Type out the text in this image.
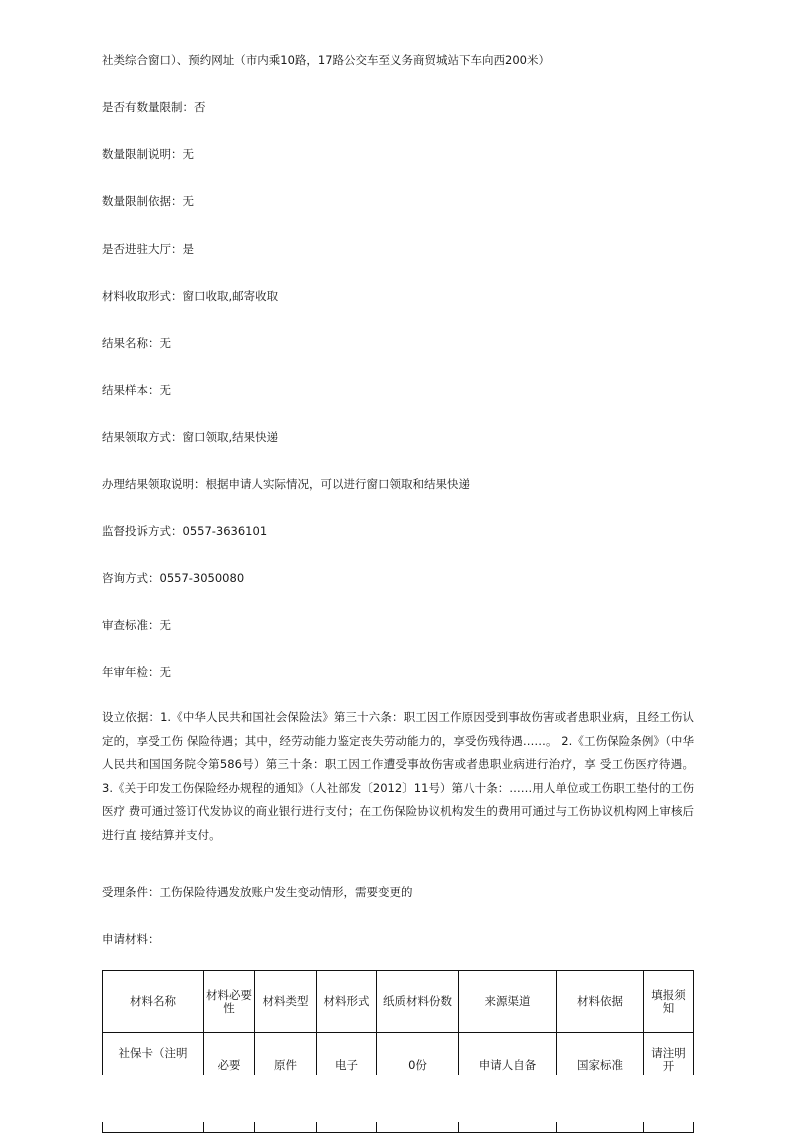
社类综合窗口）、预约网址（市内乘10路，17路公交车至义务商贸城站下车向西200米）
是否有数量限制：否
数量限制说明：无
数量限制依据：无
是否进驻大厅：是
材料收取形式：窗口收取,邮寄收取
结果名称：无
结果样本：无
结果领取方式：窗口领取,结果快递
办理结果领取说明：根据申请人实际情况，可以进行窗口领取和结果快递
监督投诉方式：0557-3636101
咨询方式：0557-3050080
审查标准：无
年审年检：无
设立依据：1.《中华人民共和国社会保险法》第三十六条：职工因工作原因受到事故伤害或者患职业病，且经工伤认定的，享受工伤 保险待遇；其中，经劳动能力鉴定丧失劳动能力的，享受伤残待遇……。 2.《工伤保险条例》（中华人民共和国国务院令第586号）第三十条：职工因工作遭受事故伤害或者患职业病进行治疗，享 受工伤医疗待遇。 3.《关于印发工伤保险经办规程的通知》（人社部发〔2012〕11号）第八十条：……用人单位或工伤职工垫付的工伤医疗 费可通过签订代发协议的商业银行进行支付；在工伤保险协议机构发生的费用可通过与工伤协议机构网上审核后进行直 接结算并支付。
受理条件：工伤保险待遇发放账户发生变动情形，需要变更的
申请材料：
材料名称	材料必要性	材料类型	材料形式	纸质材料份数	来源渠道	材料依据	填报须知
社保卡（注明	必要	原件	电子	0份	申请人自备	国家标准	请注明开
